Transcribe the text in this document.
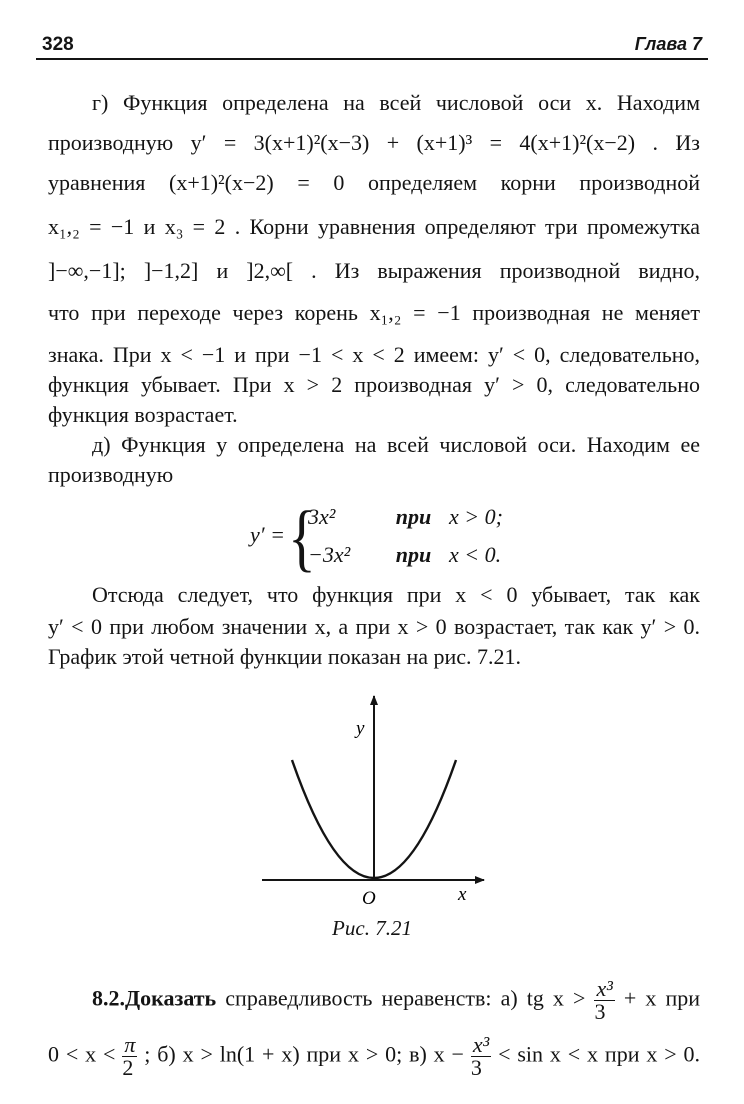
328	Глава 7
г) Функция определена на всей числовой оси x. Находим
производную y′ = 3(x+1)²(x−3) + (x+1)³ = 4(x+1)²(x−2) . Из
уравнения (x+1)²(x−2) = 0 определяем корни производной
x₁,₂ = −1 и x₃ = 2 . Корни уравнения определяют три промежутка
]−∞,−1]; ]−1,2] и ]2,∞[ . Из выражения производной видно,
что при переходе через корень x₁,₂ = −1 производная не меняет
знака. При x < −1 и при −1 < x < 2 имеем: y′ < 0, следовательно,
функция убывает. При x > 2 производная y′ > 0, следовательно
функция возрастает.
д) Функция y определена на всей числовой оси. Находим ее
производную
y′ = {
3x²	при x > 0;
−3x² при x < 0.
Отсюда следует, что функция при x < 0 убывает, так как
y′ < 0 при любом значении x, а при x > 0 возрастает, так как y′ > 0.
График этой четной функции показан на рис. 7.21.
y
x
O
Рис. 7.21
8.2.Доказать справедливость неравенств: а) tg $x > \frac{\text{x³}}{3} + x$ при
$0 < x < \frac{\pi}{2}$ ; б) x > ln(1 + x) при x > 0; в) $x - \frac{\text{x³}}{3} < \sin x < x$ при x > 0.
